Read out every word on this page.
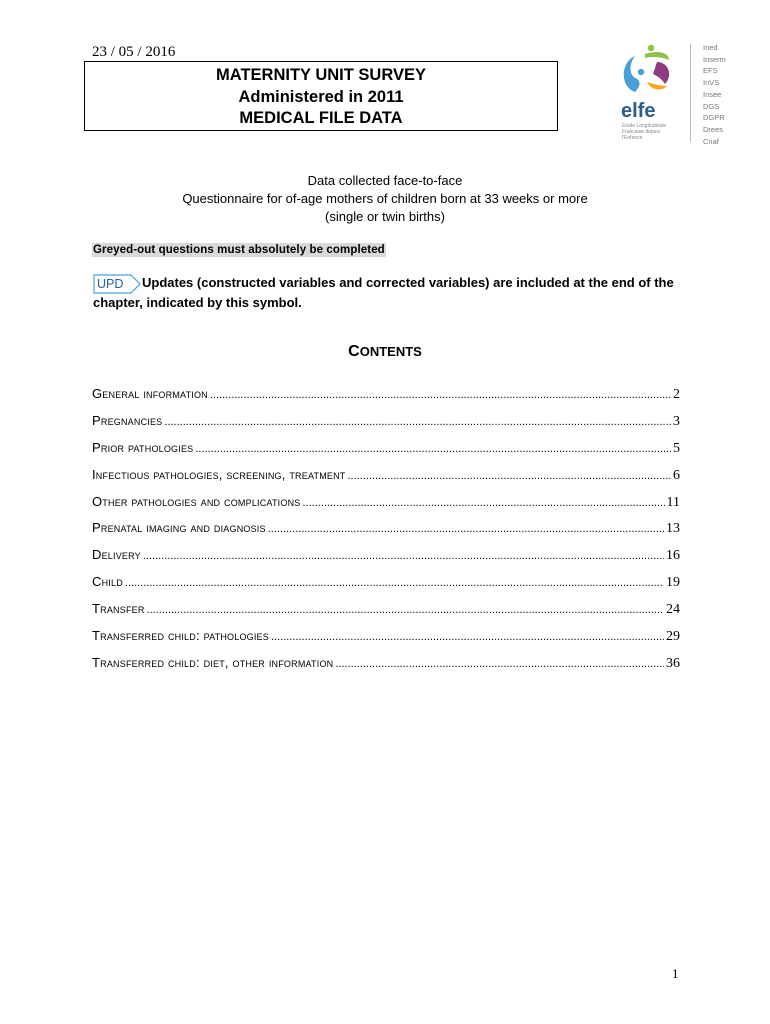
23 / 05 / 2016
MATERNITY UNIT SURVEY
Administered in 2011
MEDICAL FILE DATA	elfe
Étude Longitudinale
Française depuis
l'Enfance
Ined
Inserm
EFS
InVS
Insee
DGS
DGPR
Drees
Cnaf
Data collected face-to-face
Questionnaire for of-age mothers of children born at 33 weeks or more
(single or twin births)
Greyed-out questions must absolutely be completed
UPD	Updates (constructed variables and corrected variables) are included at the end of the chapter, indicated by this symbol.
CONTENTS
General information .....	2
Pregnancies .....	3
Prior pathologies .....	5
Infectious pathologies, screening, treatment .....	6
Other pathologies and complications .....	11
Prenatal imaging and diagnosis .....	13
Delivery .....	16
Child .....	19
Transfer .....	24
Transferred child: pathologies .....	29
Transferred child: diet, other information .....	36
1
